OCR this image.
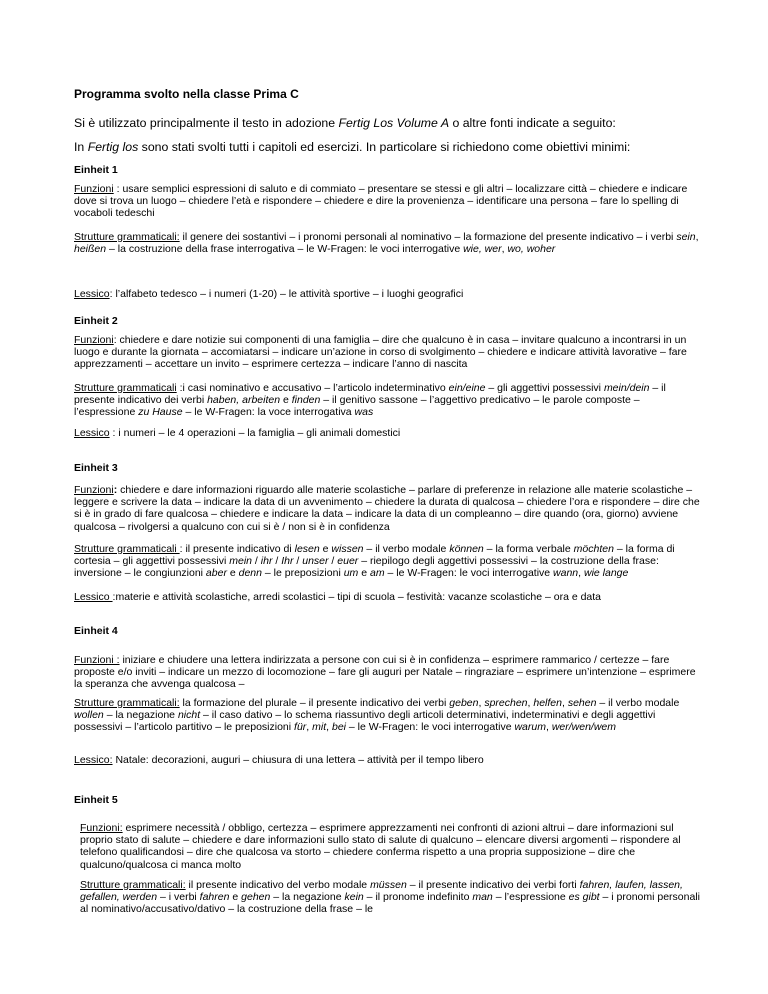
Programma svolto nella classe Prima C
Si è utilizzato principalmente il testo in adozione Fertig Los Volume A o altre fonti indicate a seguito:
In Fertig los sono stati svolti tutti i capitoli ed esercizi. In particolare si richiedono come obiettivi minimi:
Einheit 1
Funzioni : usare semplici espressioni di saluto e di commiato – presentare se stessi e gli altri – localizzare città – chiedere e indicare dove si trova un luogo – chiedere l’età e rispondere – chiedere e dire la provenienza – identificare una persona – fare lo spelling di vocaboli tedeschi
Strutture grammaticali: il genere dei sostantivi – i pronomi personali al nominativo – la formazione del presente indicativo – i verbi sein, heißen – la costruzione della frase interrogativa – le W-Fragen: le voci interrogative wie, wer, wo, woher
Lessico: l’alfabeto tedesco – i numeri (1-20) – le attività sportive – i luoghi geografici
Einheit 2
Funzioni: chiedere e dare notizie sui componenti di una famiglia – dire che qualcuno è in casa – invitare qualcuno a incontrarsi in un luogo e durante la giornata – accomiatarsi – indicare un’azione in corso di svolgimento – chiedere e indicare attività lavorative – fare apprezzamenti – accettare un invito – esprimere certezza – indicare l’anno di nascita
Strutture grammaticali :i casi nominativo e accusativo – l’articolo indeterminativo ein/eine – gli aggettivi possessivi mein/dein – il presente indicativo dei verbi haben, arbeiten e finden – il genitivo sassone – l’aggettivo predicativo – le parole composte – l’espressione zu Hause – le W-Fragen: la voce interrogativa was
Lessico : i numeri – le 4 operazioni – la famiglia – gli animali domestici
Einheit 3
Funzioni: chiedere e dare informazioni riguardo alle materie scolastiche – parlare di preferenze in relazione alle materie scolastiche – leggere e scrivere la data – indicare la data di un avvenimento – chiedere la durata di qualcosa – chiedere l’ora e rispondere – dire che si è in grado di fare qualcosa – chiedere e indicare la data – indicare la data di un compleanno – dire quando (ora, giorno) avviene qualcosa – rivolgersi a qualcuno con cui si è / non si è in confidenza
Strutture grammaticali : il presente indicativo di lesen e wissen – il verbo modale können – la forma verbale möchten – la forma di cortesia – gli aggettivi possessivi mein / ihr / Ihr / unser / euer – riepilogo degli aggettivi possessivi – la costruzione della frase: inversione – le congiunzioni aber e denn – le preposizioni um e am – le W-Fragen: le voci interrogative wann, wie lange
Lessico :materie e attività scolastiche, arredi scolastici – tipi di scuola – festività: vacanze scolastiche – ora e data
Einheit 4
Funzioni : iniziare e chiudere una lettera indirizzata a persone con cui si è in confidenza – esprimere rammarico / certezze – fare proposte e/o inviti – indicare un mezzo di locomozione – fare gli auguri per Natale – ringraziare – esprimere un’intenzione – esprimere la speranza che avvenga qualcosa –
Strutture grammaticali: la formazione del plurale – il presente indicativo dei verbi geben, sprechen, helfen, sehen – il verbo modale wollen – la negazione nicht – il caso dativo – lo schema riassuntivo degli articoli determinativi, indeterminativi e degli aggettivi possessivi – l’articolo partitivo – le preposizioni für, mit, bei – le W-Fragen: le voci interrogative warum, wer/wen/wem
Lessico: Natale: decorazioni, auguri – chiusura di una lettera – attività per il tempo libero
Einheit 5
Funzioni: esprimere necessità / obbligo, certezza – esprimere apprezzamenti nei confronti di azioni altrui – dare informazioni sul proprio stato di salute – chiedere e dare informazioni sullo stato di salute di qualcuno – elencare diversi argomenti – rispondere al telefono qualificandosi – dire che qualcosa va storto – chiedere conferma rispetto a una propria supposizione – dire che qualcuno/qualcosa ci manca molto
Strutture grammaticali: il presente indicativo del verbo modale müssen – il presente indicativo dei verbi forti fahren, laufen, lassen, gefallen, werden – i verbi fahren e gehen – la negazione kein – il pronome indefinito man – l’espressione es gibt – i pronomi personali al nominativo/accusativo/dativo – la costruzione della frase – le
